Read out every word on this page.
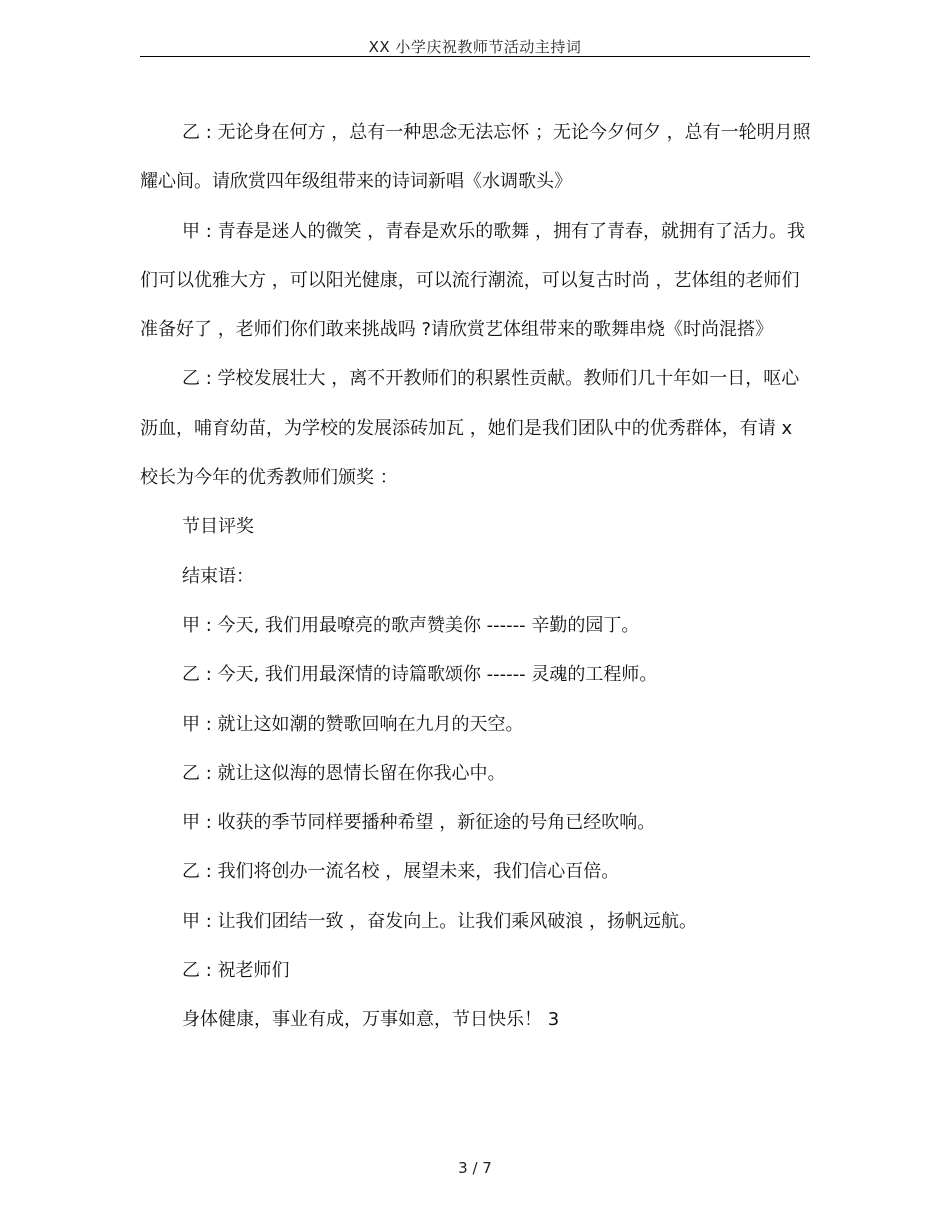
XX 小学庆祝教师节活动主持词

乙 : 无论身在何方 ，总有一种思念无法忘怀 ；无论今夕何夕 ，总有一轮明月照耀心间。请欣赏四年级组带来的诗词新唱《水调歌头》

甲 : 青春是迷人的微笑 ，青春是欢乐的歌舞 ，拥有了青春，就拥有了活力。我们可以优雅大方 ，可以阳光健康，可以流行潮流，可以复古时尚 ，艺体组的老师们准备好了 ，老师们你们敢来挑战吗 ?请欣赏艺体组带来的歌舞串烧《时尚混搭》

乙 : 学校发展壮大 ，离不开教师们的积累性贡献。教师们几十年如一日，呕心沥血，哺育幼苗，为学校的发展添砖加瓦 ，她们是我们团队中的优秀群体，有请 x 校长为今年的优秀教师们颁奖 ：

节目评奖

结束语：

甲 : 今天, 我们用最嘹亮的歌声赞美你 ------ 辛勤的园丁。

乙 : 今天, 我们用最深情的诗篇歌颂你 ------ 灵魂的工程师。

甲 : 就让这如潮的赞歌回响在九月的天空。

乙 : 就让这似海的恩情长留在你我心中。

甲 : 收获的季节同样要播种希望 ，新征途的号角已经吹响。

乙 : 我们将创办一流名校 ，展望未来，我们信心百倍。

甲 : 让我们团结一致 ，奋发向上。让我们乘风破浪 ，扬帆远航。

乙 : 祝老师们

身体健康，事业有成，万事如意，节日快乐！ 3

3 / 7
